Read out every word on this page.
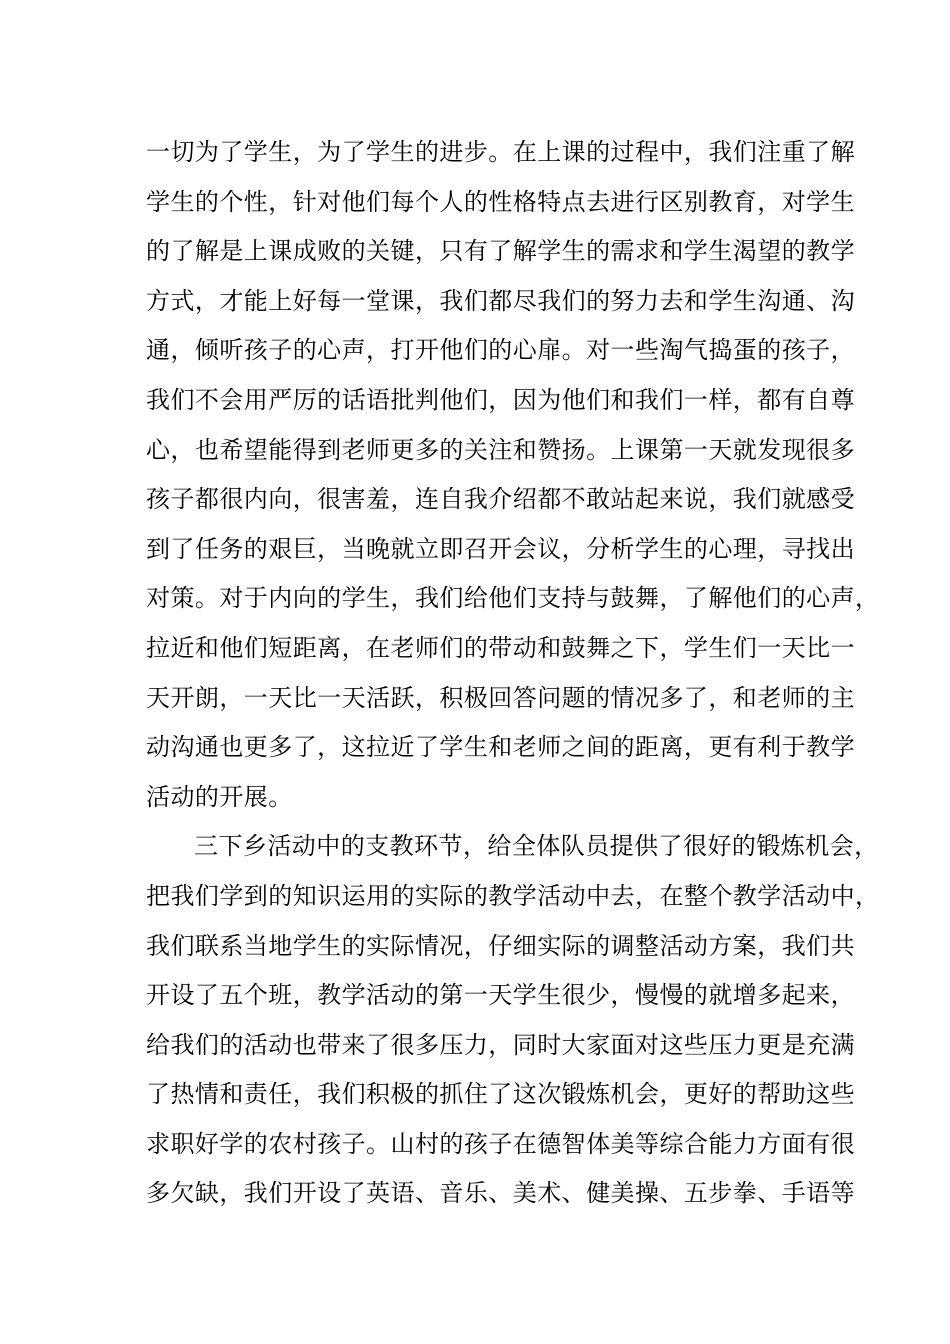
一切为了学生，为了学生的进步。在上课的过程中，我们注重了解
学生的个性，针对他们每个人的性格特点去进行区别教育，对学生
的了解是上课成败的关键，只有了解学生的需求和学生渴望的教学
方式，才能上好每一堂课，我们都尽我们的努力去和学生沟通、沟
通，倾听孩子的心声，打开他们的心扉。对一些淘气捣蛋的孩子，
我们不会用严厉的话语批判他们，因为他们和我们一样，都有自尊
心，也希望能得到老师更多的关注和赞扬。上课第一天就发现很多
孩子都很内向，很害羞，连自我介绍都不敢站起来说，我们就感受
到了任务的艰巨，当晚就立即召开会议，分析学生的心理，寻找出
对策。对于内向的学生，我们给他们支持与鼓舞，了解他们的心声，
拉近和他们短距离，在老师们的带动和鼓舞之下，学生们一天比一
天开朗，一天比一天活跃，积极回答问题的情况多了，和老师的主
动沟通也更多了，这拉近了学生和老师之间的距离，更有利于教学
活动的开展。
三下乡活动中的支教环节，给全体队员提供了很好的锻炼机会，
把我们学到的知识运用的实际的教学活动中去，在整个教学活动中，
我们联系当地学生的实际情况，仔细实际的调整活动方案，我们共
开设了五个班，教学活动的第一天学生很少，慢慢的就增多起来，
给我们的活动也带来了很多压力，同时大家面对这些压力更是充满
了热情和责任，我们积极的抓住了这次锻炼机会，更好的帮助这些
求职好学的农村孩子。山村的孩子在德智体美等综合能力方面有很
多欠缺，我们开设了英语、音乐、美术、健美操、五步拳、手语等
